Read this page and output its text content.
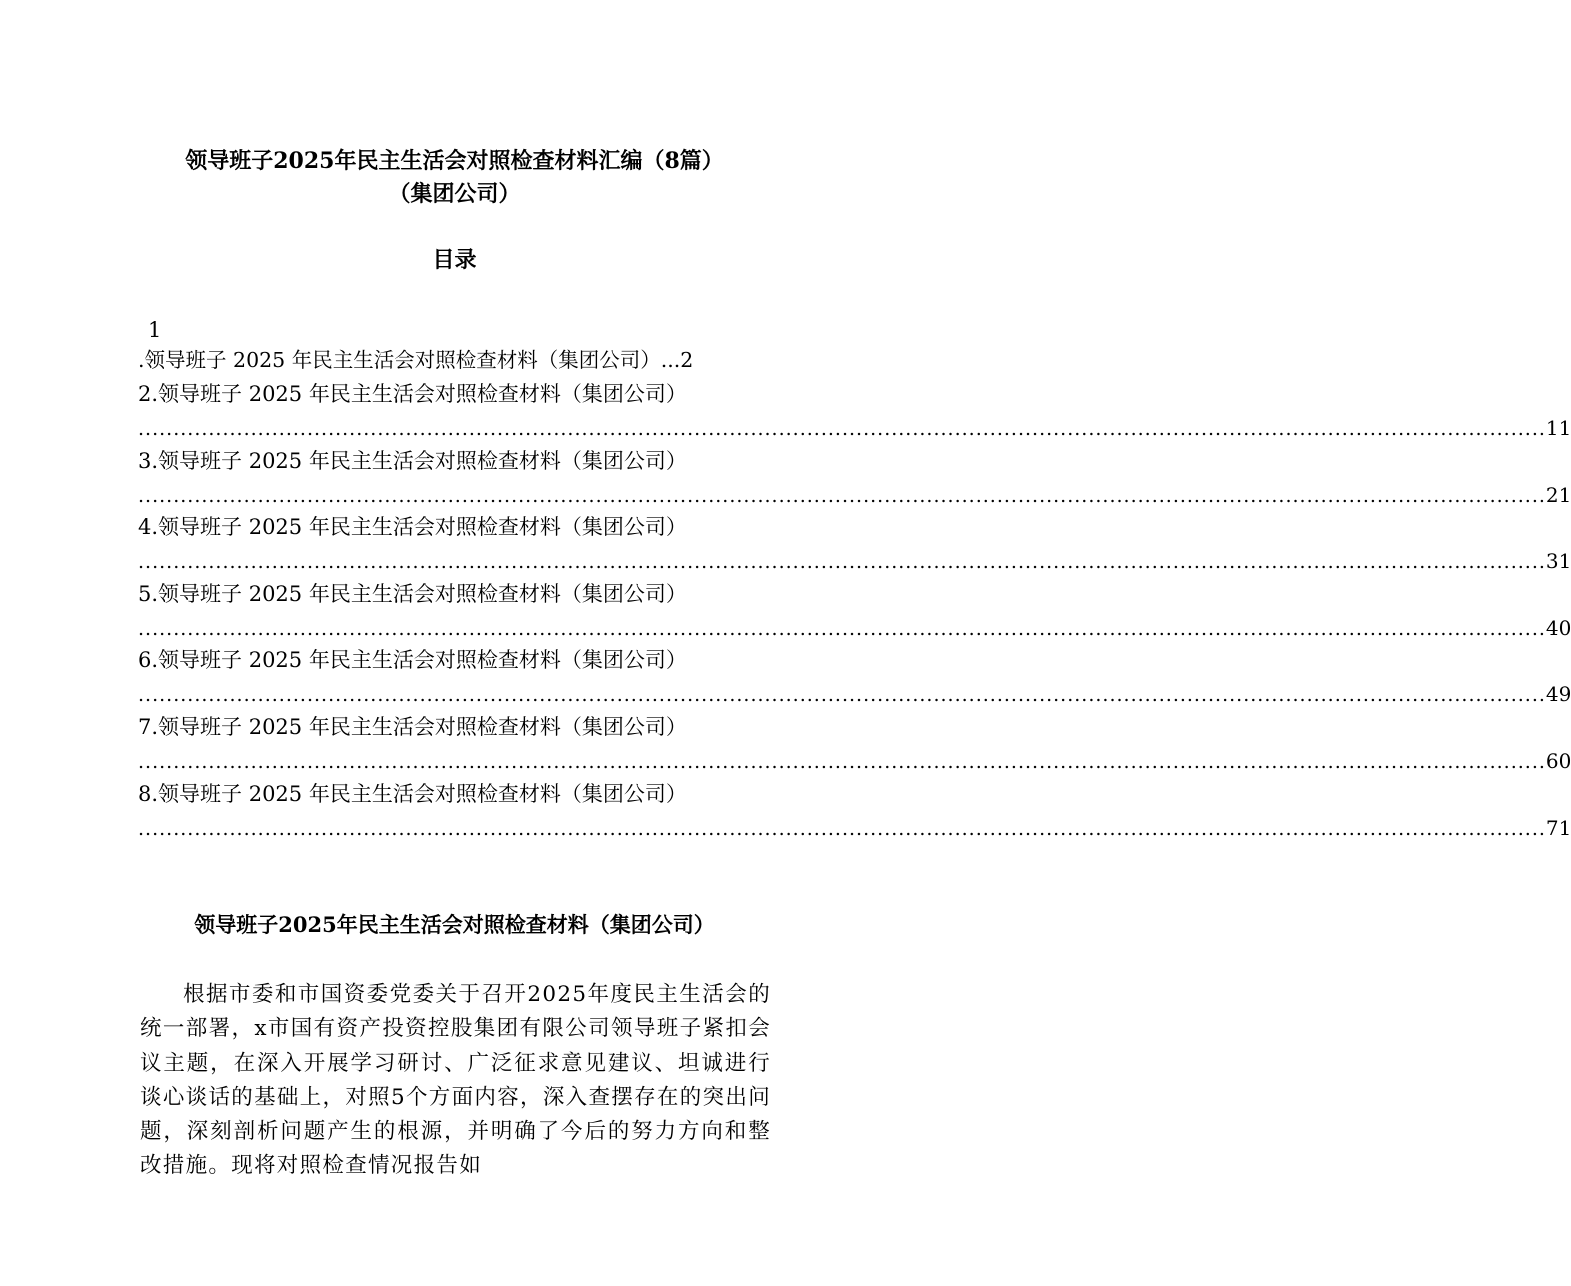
领导班子2025年民主生活会对照检查材料汇编（8篇）
（集团公司）
目录
1
.领导班子 2025 年民主生活会对照检查材料（集团公司）...2
2.领导班子 2025 年民主生活会对照检查材料（集团公司）
........................................................................................................................................................................................................ 11
3.领导班子 2025 年民主生活会对照检查材料（集团公司）
........................................................................................................................................................................................................ 21
4.领导班子 2025 年民主生活会对照检查材料（集团公司）
........................................................................................................................................................................................................ 31
5.领导班子 2025 年民主生活会对照检查材料（集团公司）
........................................................................................................................................................................................................ 40
6.领导班子 2025 年民主生活会对照检查材料（集团公司）
........................................................................................................................................................................................................ 49
7.领导班子 2025 年民主生活会对照检查材料（集团公司）
........................................................................................................................................................................................................ 60
8.领导班子 2025 年民主生活会对照检查材料（集团公司）
........................................................................................................................................................................................................ 71
领导班子2025年民主生活会对照检查材料（集团公司）
根据市委和市国资委党委关于召开2025年度民主生活会的统一部署，x市国有资产投资控股集团有限公司领导班子紧扣会议主题，在深入开展学习研讨、广泛征求意见建议、坦诚进行谈心谈话的基础上，对照5个方面内容，深入查摆存在的突出问题，深刻剖析问题产生的根源，并明确了今后的努力方向和整改措施。现将对照检查情况报告如
